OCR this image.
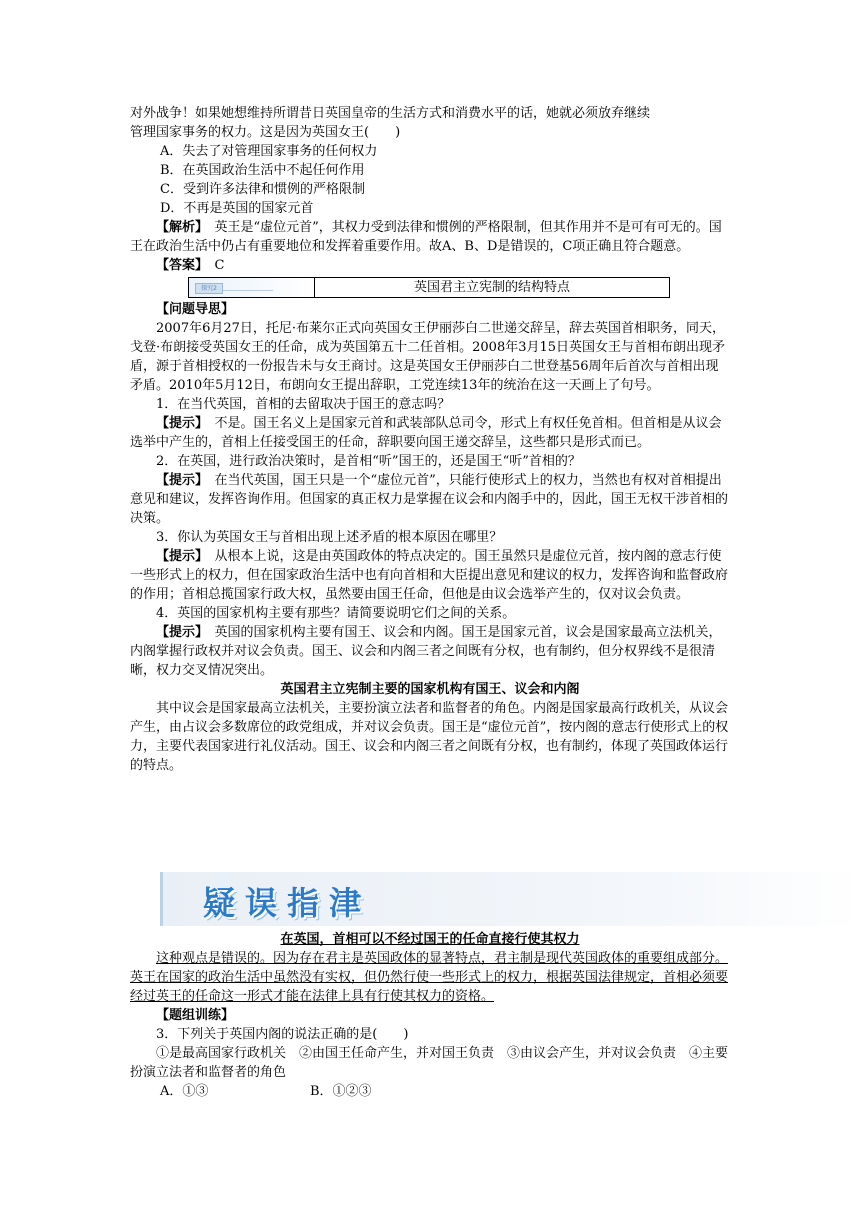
对外战争！如果她想维持所谓昔日英国皇帝的生活方式和消费水平的话，她就必须放弃继续

管理国家事务的权力。这是因为英国女王(　　)

A．失去了对管理国家事务的任何权力

B．在英国政治生活中不起任何作用

C．受到许多法律和惯例的严格限制

D．不再是英国的国家元首

【解析】　英王是“虚位元首”，其权力受到法律和惯例的严格限制，但其作用并不是可有可无的。国王在政治生活中仍占有重要地位和发挥着重要作用。故A、B、D是错误的，C项正确且符合题意。

【答案】　C

探究2	英国君主立宪制的结构特点

【问题导思】

2007年6月27日，托尼·布莱尔正式向英国女王伊丽莎白二世递交辞呈，辞去英国首相职务，同天，戈登·布朗接受英国女王的任命，成为英国第五十二任首相。2008年3月15日英国女王与首相布朗出现矛盾，源于首相授权的一份报告未与女王商讨。这是英国女王伊丽莎白二世登基56周年后首次与首相出现矛盾。2010年5月12日，布朗向女王提出辞职，工党连续13年的统治在这一天画上了句号。

1．在当代英国，首相的去留取决于国王的意志吗？

【提示】　不是。国王名义上是国家元首和武装部队总司令，形式上有权任免首相。但首相是从议会选举中产生的，首相上任接受国王的任命，辞职要向国王递交辞呈，这些都只是形式而已。

2．在英国，进行政治决策时，是首相“听”国王的，还是国王“听”首相的？

【提示】　在当代英国，国王只是一个“虚位元首”，只能行使形式上的权力，当然也有权对首相提出意见和建议，发挥咨询作用。但国家的真正权力是掌握在议会和内阁手中的，因此，国王无权干涉首相的决策。

3．你认为英国女王与首相出现上述矛盾的根本原因在哪里？

【提示】　从根本上说，这是由英国政体的特点决定的。国王虽然只是虚位元首，按内阁的意志行使一些形式上的权力，但在国家政治生活中也有向首相和大臣提出意见和建议的权力，发挥咨询和监督政府的作用；首相总揽国家行政大权，虽然要由国王任命，但他是由议会选举产生的，仅对议会负责。

4．英国的国家机构主要有那些？请简要说明它们之间的关系。

【提示】　英国的国家机构主要有国王、议会和内阁。国王是国家元首，议会是国家最高立法机关，内阁掌握行政权并对议会负责。国王、议会和内阁三者之间既有分权，也有制约，但分权界线不是很清晰，权力交叉情况突出。

英国君主立宪制主要的国家机构有国王、议会和内阁

其中议会是国家最高立法机关，主要扮演立法者和监督者的角色。内阁是国家最高行政机关，从议会产生，由占议会多数席位的政党组成，并对议会负责。国王是“虚位元首”，按内阁的意志行使形式上的权力，主要代表国家进行礼仪活动。国王、议会和内阁三者之间既有分权，也有制约，体现了英国政体运行的特点。

疑误指津

在英国，首相可以不经过国王的任命直接行使其权力

这种观点是错误的。因为存在君主是英国政体的显著特点，君主制是现代英国政体的重要组成部分。英王在国家的政治生活中虽然没有实权，但仍然行使一些形式上的权力，根据英国法律规定，首相必须要经过英王的任命这一形式才能在法律上具有行使其权力的资格。

【题组训练】

3．下列关于英国内阁的说法正确的是(　　)

①是最高国家行政机关　②由国王任命产生，并对国王负责　③由议会产生，并对议会负责　④主要扮演立法者和监督者的角色

A．①③	B．①②③
